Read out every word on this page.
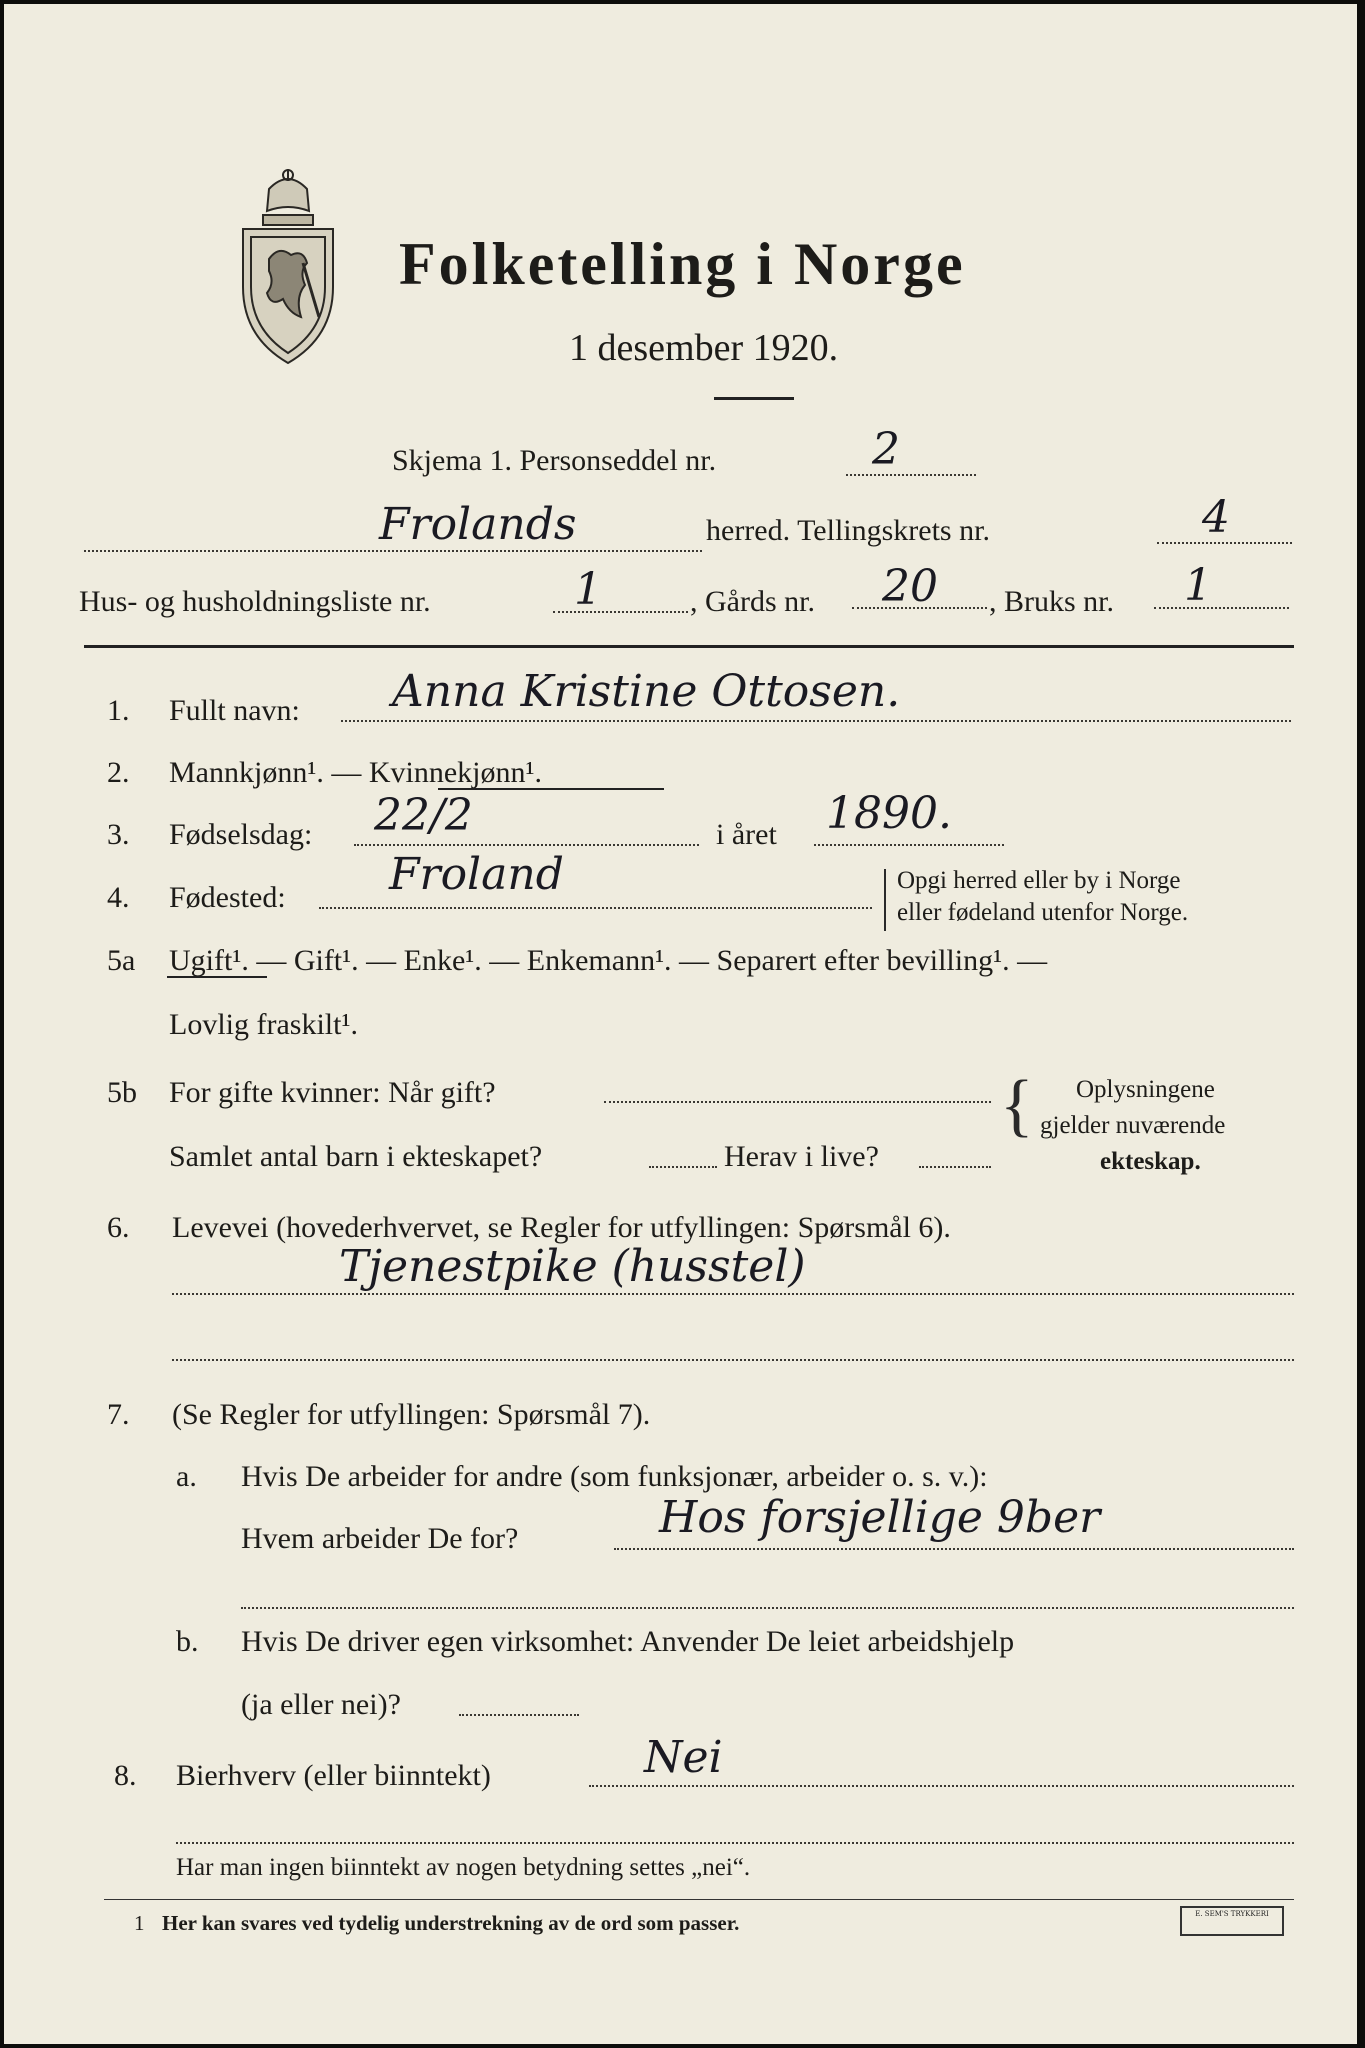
Folketelling i Norge
1 desember 1920.
Skjema 1. Personseddel nr.	2
Frolands	herred. Tellingskrets nr.	4
Hus- og husholdningsliste nr.	1	, Gårds nr. 20 , Bruks nr. 1
1. Fullt navn: Anna Kristine Ottosen.
2. Mannkjønn¹. — Kvinnekjønn¹.
3. Fødselsdag: 22/2	i året 1890.
4. Fødested: Froland	Opgi herred eller by i Norge
eller fødeland utenfor Norge.
5a Ugift¹. — Gift¹. — Enke¹. — Enkemann¹. — Separert efter bevilling¹. —
Lovlig fraskilt¹.
5b For gifte kvinner: Når gift?
Samlet antal barn i ekteskapet?	Herav i live?
{ Oplysningene
gjelder nuværende
ekteskap.
6. Levevei (hovederhvervet, se Regler for utfyllingen: Spørsmål 6).
Tjenestpike (husstel)
7. (Se Regler for utfyllingen: Spørsmål 7).
a. Hvis De arbeider for andre (som funksjonær, arbeider o. s. v.):
Hvem arbeider De for?	Hos forsjellige 9ber
b. Hvis De driver egen virksomhet: Anvender De leiet arbeidshjelp
(ja eller nei)?
8. Bierhverv (eller biinntekt)	Nei
Har man ingen biinntekt av nogen betydning settes „nei“.
1 Her kan svares ved tydelig understrekning av de ord som passer.	E. SEM'S TRYKKERI
